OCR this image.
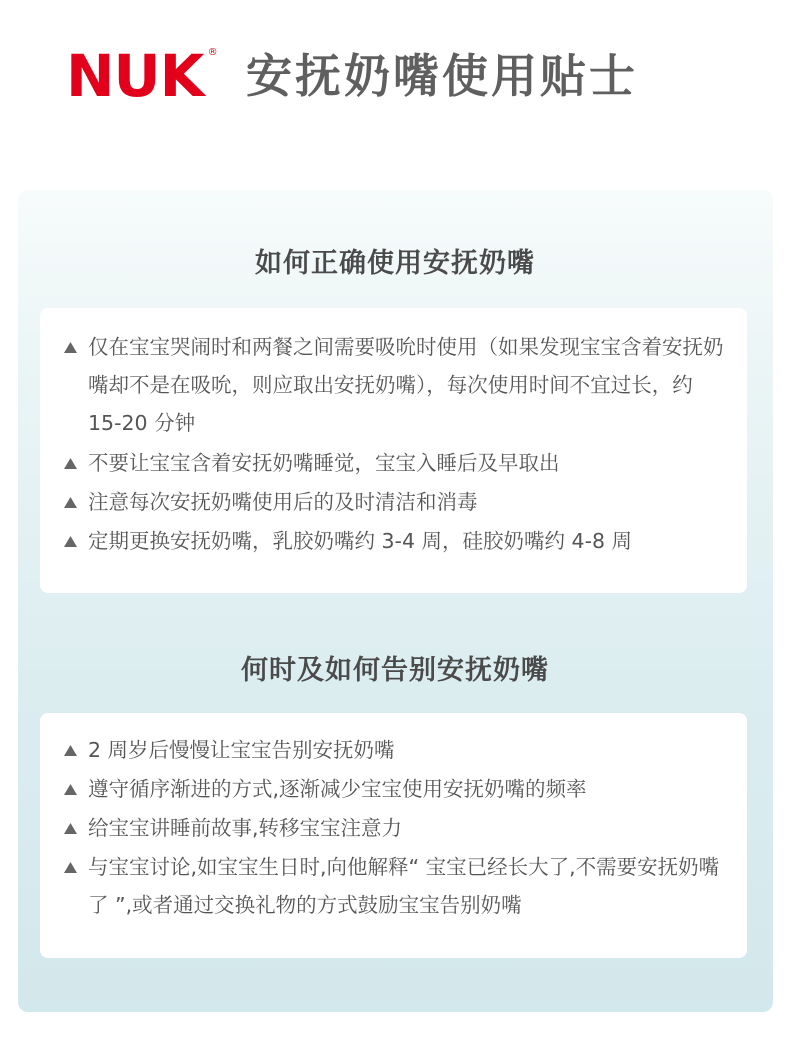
NUK ® 安抚奶嘴使用贴士
如何正确使用安抚奶嘴
仅在宝宝哭闹时和两餐之间需要吸吮时使用（如果发现宝宝含着安抚奶嘴却不是在吸吮，则应取出安抚奶嘴），每次使用时间不宜过长，约 15-20 分钟
不要让宝宝含着安抚奶嘴睡觉，宝宝入睡后及早取出
注意每次安抚奶嘴使用后的及时清洁和消毒
定期更换安抚奶嘴，乳胶奶嘴约 3-4 周，硅胶奶嘴约 4-8 周
何时及如何告别安抚奶嘴
2 周岁后慢慢让宝宝告别安抚奶嘴
遵守循序渐进的方式,逐渐减少宝宝使用安抚奶嘴的频率
给宝宝讲睡前故事,转移宝宝注意力
与宝宝讨论,如宝宝生日时,向他解释“ 宝宝已经长大了,不需要安抚奶嘴了 ”,或者通过交换礼物的方式鼓励宝宝告别奶嘴
